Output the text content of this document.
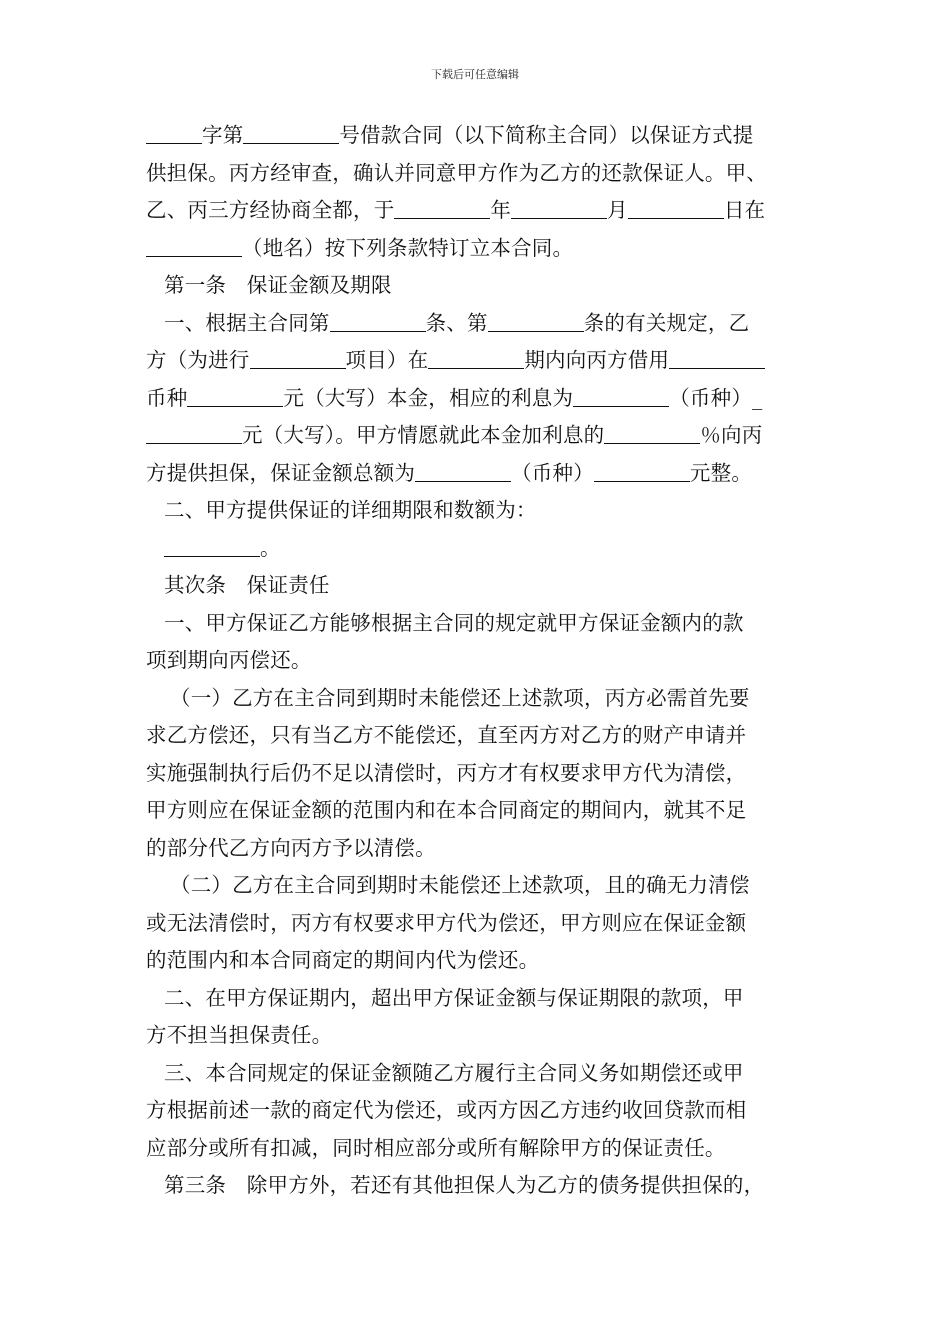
下载后可任意编辑
字第	号借款合同（以下简称主合同）以保证方式提
供担保。丙方经审查，确认并同意甲方作为乙方的还款保证人。甲、
乙、丙三方经协商全都，于	年	月	日在
（地名）按下列条款特订立本合同。
第一条　保证金额及期限
一、根据主合同第	条、第	条的有关规定，乙
方（为进行	项目）在	期内向丙方借用
币种	元（大写）本金，相应的利息为	（币种）_
元（大写）。甲方情愿就此本金加利息的	％向丙
方提供担保，保证金额总额为	（币种）	元整。
二、甲方提供保证的详细期限和数额为：
。
其次条　保证责任
一、甲方保证乙方能够根据主合同的规定就甲方保证金额内的款
项到期向丙偿还。
（一）乙方在主合同到期时未能偿还上述款项，丙方必需首先要
求乙方偿还，只有当乙方不能偿还，直至丙方对乙方的财产申请并
实施强制执行后仍不足以清偿时，丙方才有权要求甲方代为清偿，
甲方则应在保证金额的范围内和在本合同商定的期间内，就其不足
的部分代乙方向丙方予以清偿。
（二）乙方在主合同到期时未能偿还上述款项，且的确无力清偿
或无法清偿时，丙方有权要求甲方代为偿还，甲方则应在保证金额
的范围内和本合同商定的期间内代为偿还。
二、在甲方保证期内，超出甲方保证金额与保证期限的款项，甲
方不担当担保责任。
三、本合同规定的保证金额随乙方履行主合同义务如期偿还或甲
方根据前述一款的商定代为偿还，或丙方因乙方违约收回贷款而相
应部分或所有扣减，同时相应部分或所有解除甲方的保证责任。
第三条　除甲方外，若还有其他担保人为乙方的债务提供担保的，
